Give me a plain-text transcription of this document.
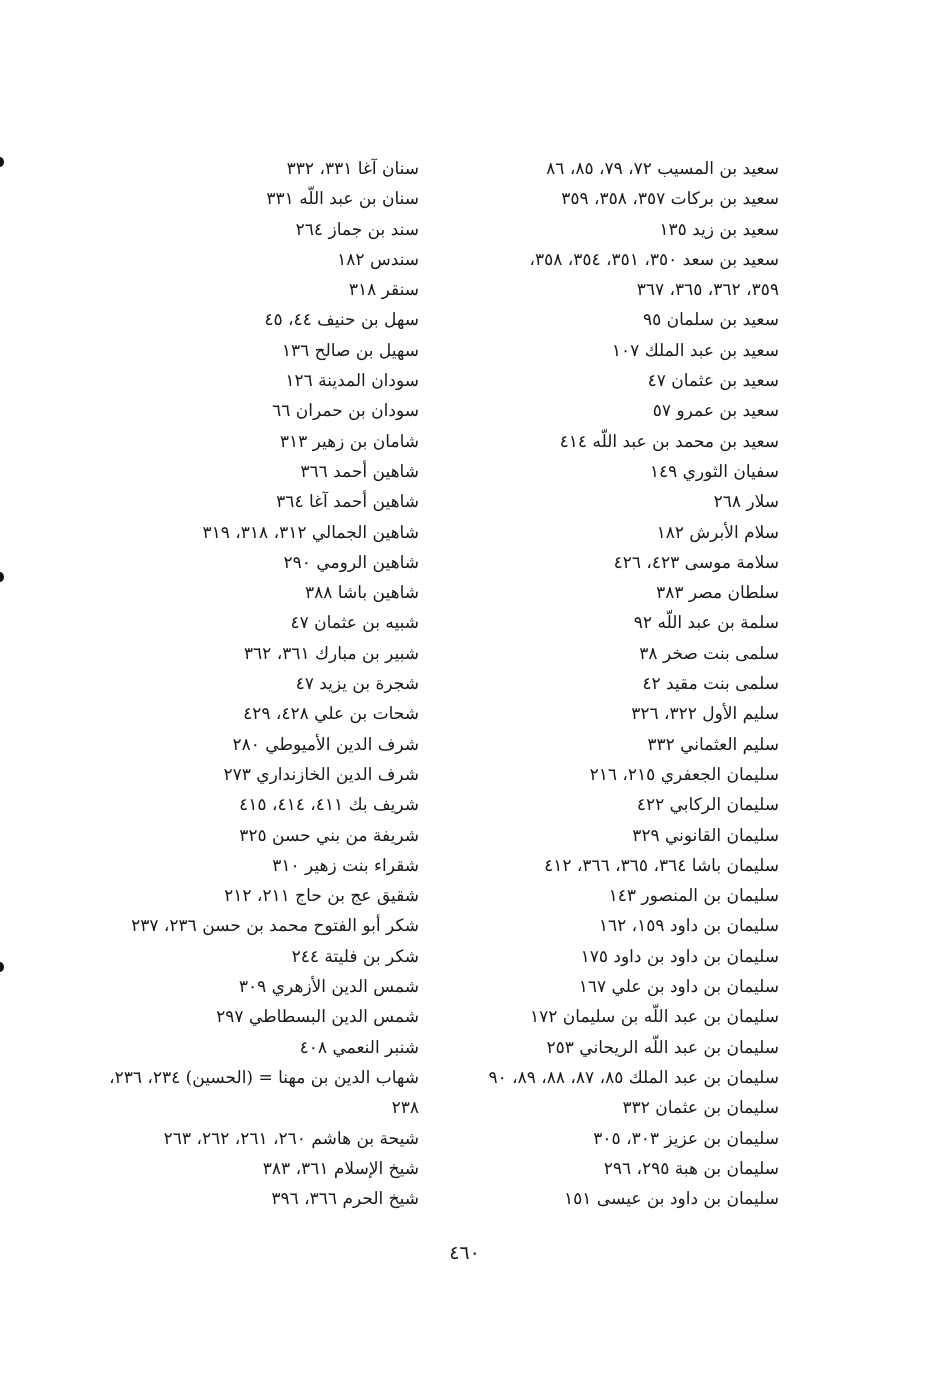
سعيد بن المسيب ٧٢، ٧٩، ٨٥، ٨٦
سعيد بن بركات ٣٥٧، ٣٥٨، ٣٥٩
سعيد بن زيد ١٣٥
سعيد بن سعد ٣٥٠، ٣٥١، ٣٥٤، ٣٥٨،
٣٥٩، ٣٦٢، ٣٦٥، ٣٦٧
سعيد بن سلمان ٩٥
سعيد بن عبد الملك ١٠٧
سعيد بن عثمان ٤٧
سعيد بن عمرو ٥٧
سعيد بن محمد بن عبد اللّه ٤١٤
سفيان الثوري ١٤٩
سلار ٢٦٨
سلام الأبرش ١٨٢
سلامة موسى ٤٢٣، ٤٢٦
سلطان مصر ٣٨٣
سلمة بن عبد اللّه ٩٢
سلمى بنت صخر ٣٨
سلمى بنت مقيد ٤٢
سليم الأول ٣٢٢، ٣٢٦
سليم العثماني ٣٣٢
سليمان الجعفري ٢١٥، ٢١٦
سليمان الركابي ٤٢٢
سليمان القانوني ٣٢٩
سليمان باشا ٣٦٤، ٣٦٥، ٣٦٦، ٤١٢
سليمان بن المنصور ١٤٣
سليمان بن داود ١٥٩، ١٦٢
سليمان بن داود بن داود ١٧٥
سليمان بن داود بن علي ١٦٧
سليمان بن عبد اللّه بن سليمان ١٧٢
سليمان بن عبد اللّه الريحاني ٢٥٣
سليمان بن عبد الملك ٨٥، ٨٧، ٨٨، ٨٩، ٩٠
سليمان بن عثمان ٣٣٢
سليمان بن عزيز ٣٠٣، ٣٠٥
سليمان بن هبة ٢٩٥، ٢٩٦
سليمان بن داود بن عيسى ١٥١
سنان آغا ٣٣١، ٣٣٢
سنان بن عبد اللّه ٣٣١
سند بن جماز ٢٦٤
سندس ١٨٢
سنقر ٣١٨
سهل بن حنيف ٤٤، ٤٥
سهيل بن صالح ١٣٦
سودان المدينة ١٢٦
سودان بن حمران ٦٦
شامان بن زهير ٣١٣
شاهين أحمد ٣٦٦
شاهين أحمد آغا ٣٦٤
شاهين الجمالي ٣١٢، ٣١٨، ٣١٩
شاهين الرومي ٢٩٠
شاهين باشا ٣٨٨
شبيه بن عثمان ٤٧
شبير بن مبارك ٣٦١، ٣٦٢
شجرة بن يزيد ٤٧
شحات بن علي ٤٢٨، ٤٢٩
شرف الدين الأميوطي ٢٨٠
شرف الدين الخازنداري ٢٧٣
شريف بك ٤١١، ٤١٤، ٤١٥
شريفة من بني حسن ٣٢٥
شقراء بنت زهير ٣١٠
شقيق عج بن حاج ٢١١، ٢١٢
شكر أبو الفتوح محمد بن حسن ٢٣٦، ٢٣٧
شكر بن فليتة ٢٤٤
شمس الدين الأزهري ٣٠٩
شمس الدين البسطاطي ٢٩٧
شنبر النعمي ٤٠٨
شهاب الدين بن مهنا = (الحسين) ٢٣٤، ٢٣٦،
٢٣٨
شيحة بن هاشم ٢٦٠، ٢٦١، ٢٦٢، ٢٦٣
شيخ الإسلام ٣٦١، ٣٨٣
شيخ الحرم ٣٦٦، ٣٩٦
٤٦٠
